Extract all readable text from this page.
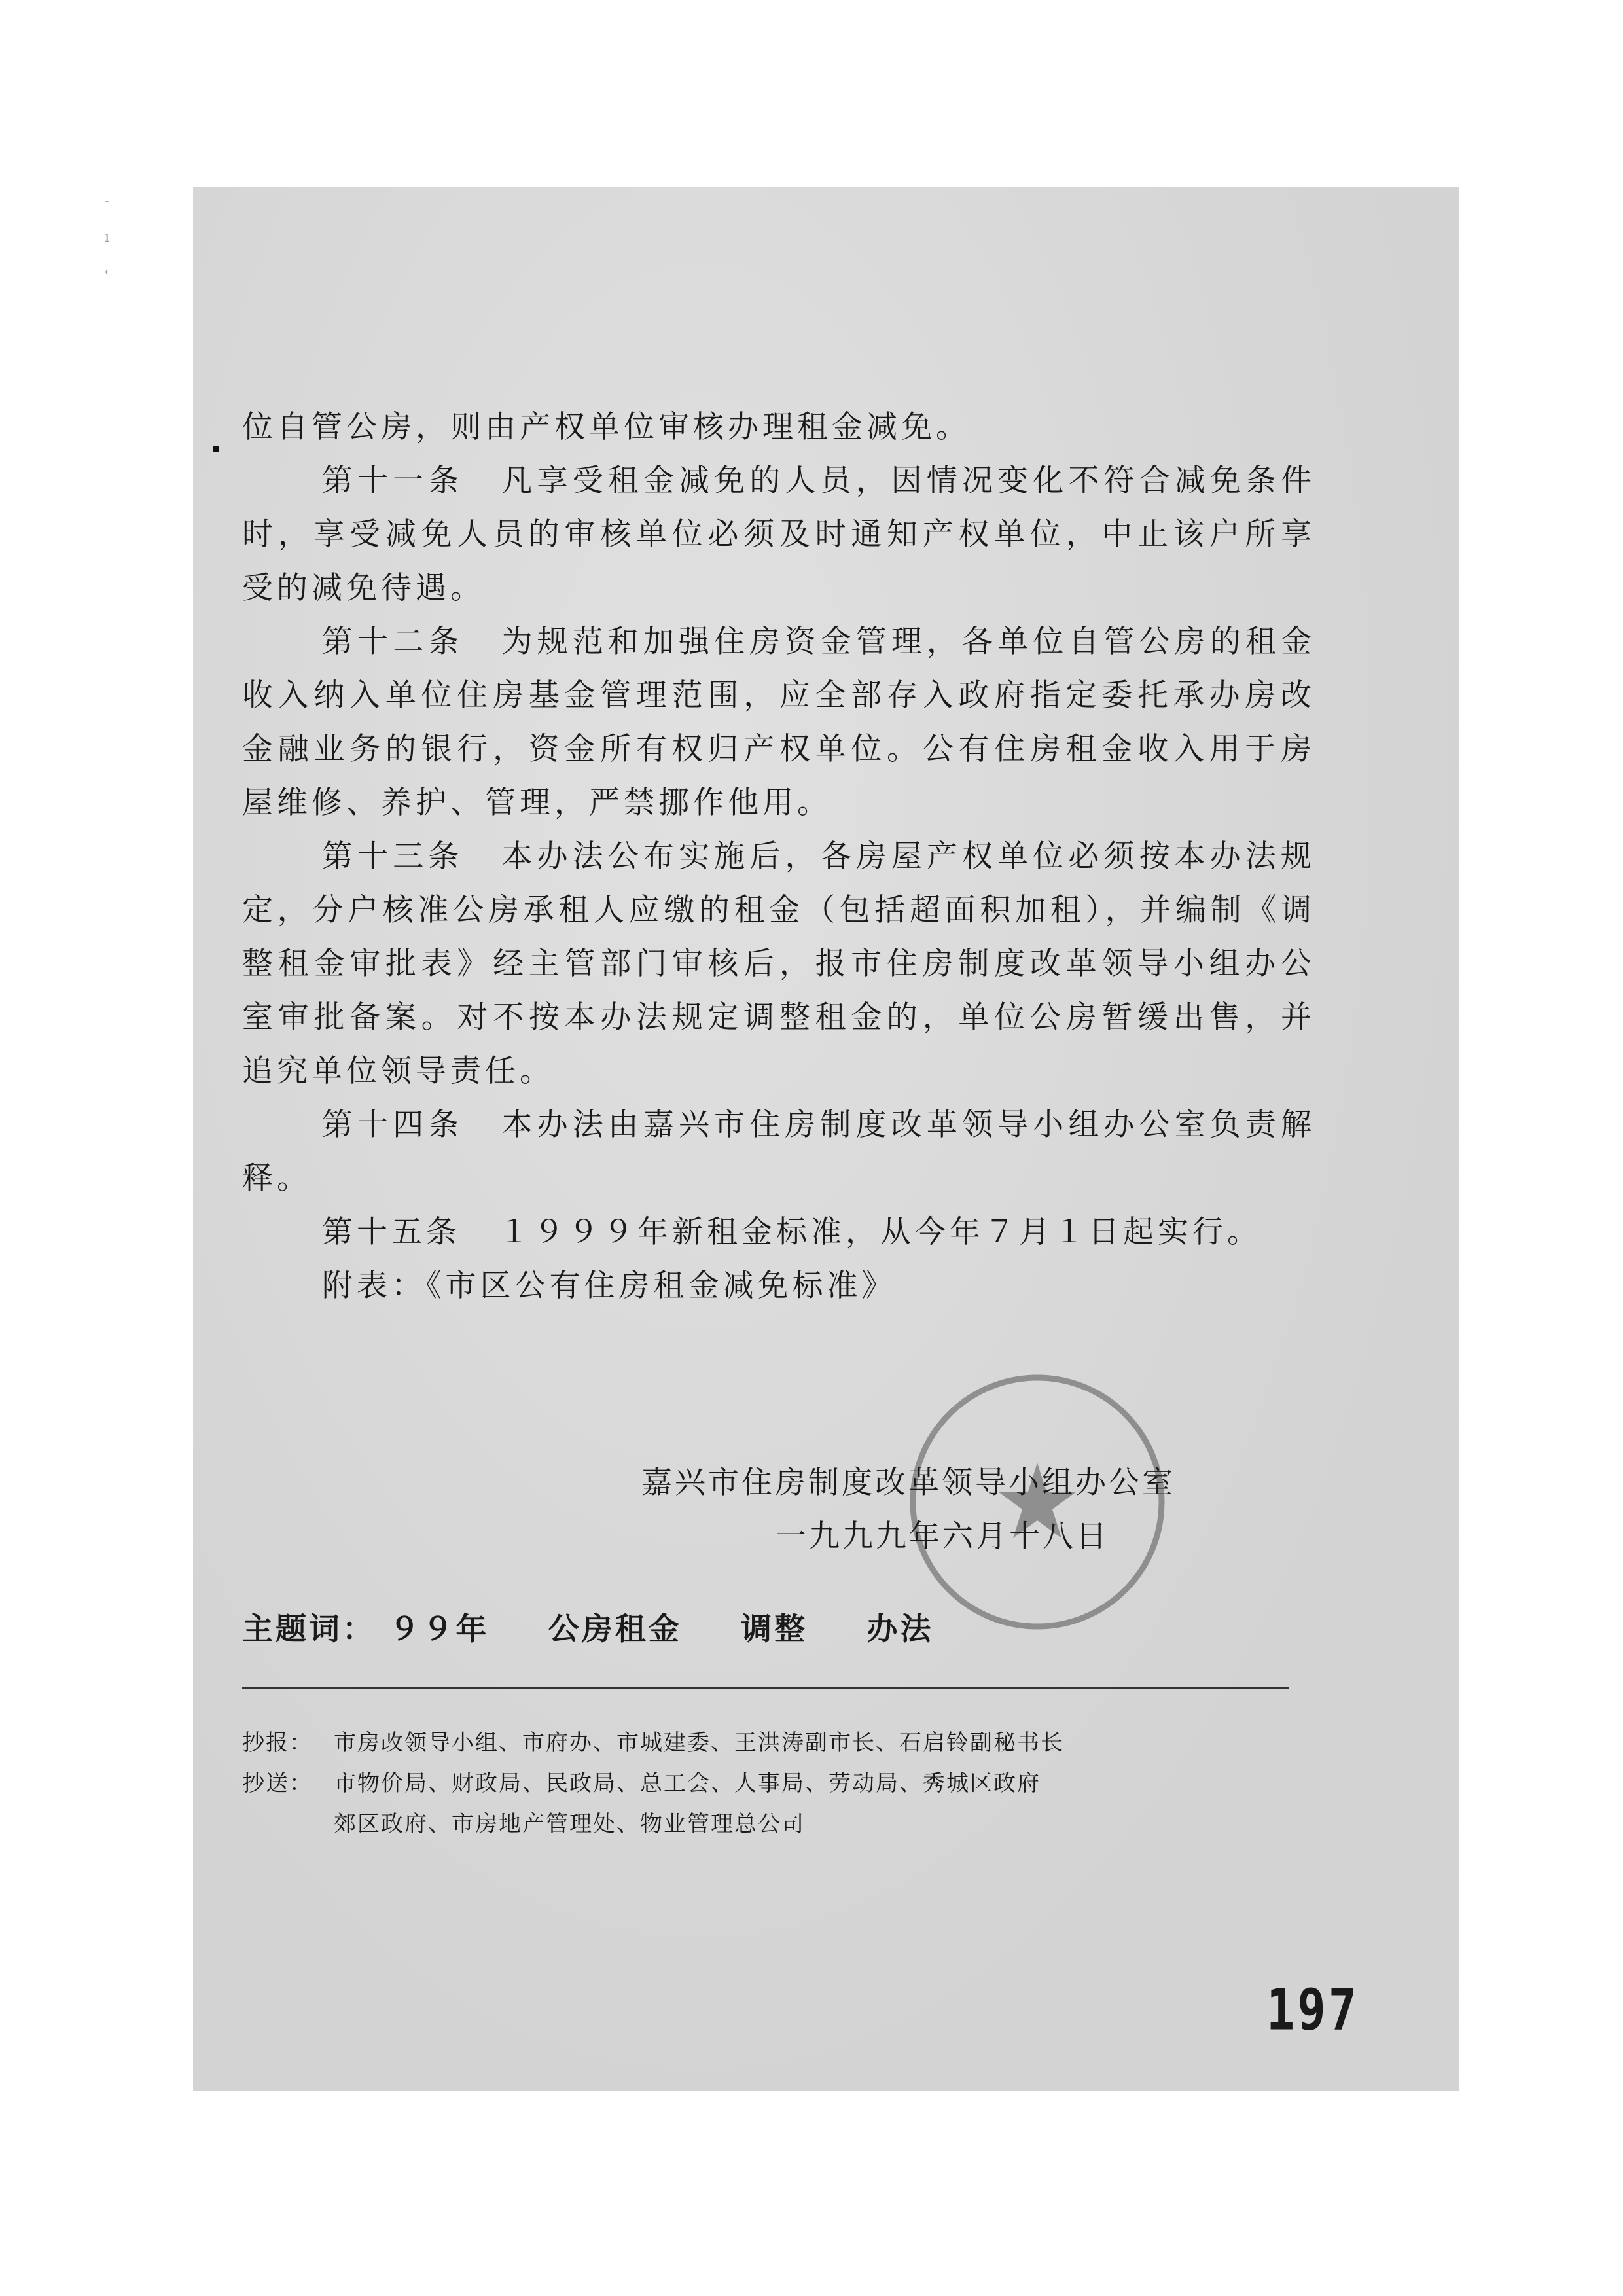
-
ı
˓

位自管公房，则由产权单位审核办理租金减免。

第十一条 凡享受租金减免的人员，因情况变化不符合减免条件时，享受减免人员的审核单位必须及时通知产权单位，中止该户所享受的减免待遇。

第十二条 为规范和加强住房资金管理，各单位自管公房的租金收入纳入单位住房基金管理范围，应全部存入政府指定委托承办房改金融业务的银行，资金所有权归产权单位。公有住房租金收入用于房屋维修、养护、管理，严禁挪作他用。

第十三条 本办法公布实施后，各房屋产权单位必须按本办法规定，分户核准公房承租人应缴的租金（包括超面积加租），并编制《调整租金审批表》经主管部门审核后，报市住房制度改革领导小组办公室审批备案。对不按本办法规定调整租金的，单位公房暂缓出售，并追究单位领导责任。

第十四条 本办法由嘉兴市住房制度改革领导小组办公室负责解释。

第十五条 １９９９年新租金标准，从今年７月１日起实行。

附表：《市区公有住房租金减免标准》

嘉兴市住房制度改革领导小组办公室
一九九九年六月十八日
主题词： ９９年 公房租金 调整 办法
抄报： 市房改领导小组、市府办、市城建委、王洪涛副市长、石启铃副秘书长
抄送： 市物价局、财政局、民政局、总工会、人事局、劳动局、秀城区政府
郊区政府、市房地产管理处、物业管理总公司
197
